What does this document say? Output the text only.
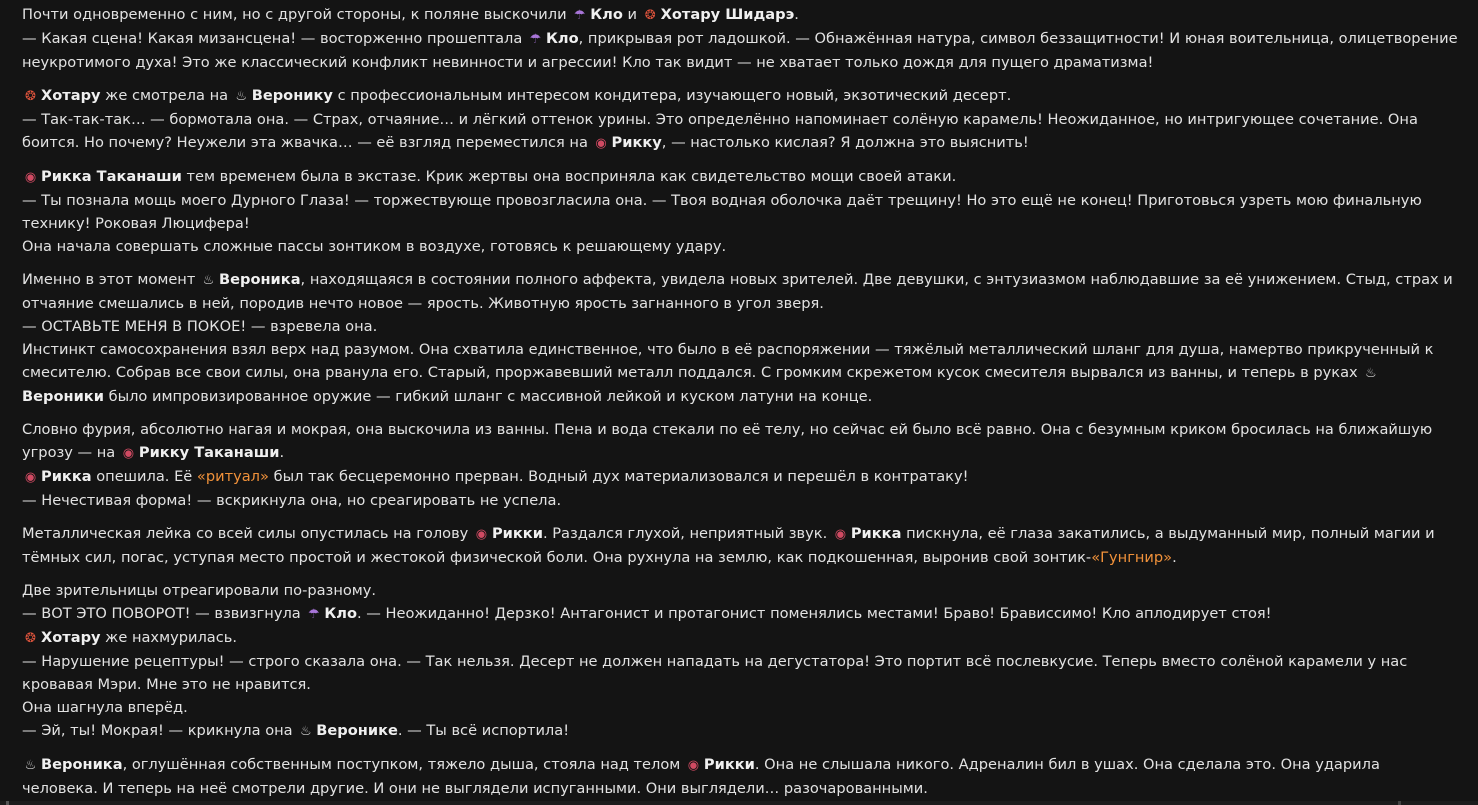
Почти одновременно с ним, но с другой стороны, к поляне выскочили ☂ Кло и ❂ Хотару Шидарэ.
— Какая сцена! Какая мизансцена! — восторженно прошептала ☂ Кло, прикрывая рот ладошкой. — Обнажённая натура, символ беззащитности! И юная воительница, олицетворение неукротимого духа! Это же классический конфликт невинности и агрессии! Кло так видит — не хватает только дождя для пущего драматизма!
❂ Хотару же смотрела на ♨ Веронику с профессиональным интересом кондитера, изучающего новый, экзотический десерт.
— Так-так-так… — бормотала она. — Страх, отчаяние… и лёгкий оттенок урины. Это определённо напоминает солёную карамель! Неожиданное, но интригующее сочетание. Она боится. Но почему? Неужели эта жвачка… — её взгляд переместился на ◉ Рикку, — настолько кислая? Я должна это выяснить!
◉ Рикка Таканаши тем временем была в экстазе. Крик жертвы она восприняла как свидетельство мощи своей атаки.
— Ты познала мощь моего Дурного Глаза! — торжествующе провозгласила она. — Твоя водная оболочка даёт трещину! Но это ещё не конец! Приготовься узреть мою финальную технику! Роковая Люцифера!
Она начала совершать сложные пассы зонтиком в воздухе, готовясь к решающему удару.
Именно в этот момент ♨ Вероника, находящаяся в состоянии полного аффекта, увидела новых зрителей. Две девушки, с энтузиазмом наблюдавшие за её унижением. Стыд, страх и отчаяние смешались в ней, породив нечто новое — ярость. Животную ярость загнанного в угол зверя.
— ОСТАВЬТЕ МЕНЯ В ПОКОЕ! — взревела она.
Инстинкт самосохранения взял верх над разумом. Она схватила единственное, что было в её распоряжении — тяжёлый металлический шланг для душа, намертво прикрученный к смесителю. Собрав все свои силы, она рванула его. Старый, проржавевший металл поддался. С громким скрежетом кусок смесителя вырвался из ванны, и теперь в руках ♨Вероники было импровизированное оружие — гибкий шланг с массивной лейкой и куском латуни на конце.
Словно фурия, абсолютно нагая и мокрая, она выскочила из ванны. Пена и вода стекали по её телу, но сейчас ей было всё равно. Она с безумным криком бросилась на ближайшую угрозу — на ◉ Рикку Таканаши.
◉ Рикка опешила. Её «ритуал» был так бесцеремонно прерван. Водный дух материализовался и перешёл в контратаку!
— Нечестивая форма! — вскрикнула она, но среагировать не успела.
Металлическая лейка со всей силы опустилась на голову ◉ Рикки. Раздался глухой, неприятный звук. ◉ Рикка пискнула, её глаза закатились, а выдуманный мир, полный магии и тёмных сил, погас, уступая место простой и жестокой физической боли. Она рухнула на землю, как подкошенная, выронив свой зонтик-«Гунгнир».
Две зрительницы отреагировали по-разному.
— ВОТ ЭТО ПОВОРОТ! — взвизгнула ☂ Кло. — Неожиданно! Дерзко! Антагонист и протагонист поменялись местами! Браво! Брависсимо! Кло аплодирует стоя!
❂ Хотару же нахмурилась.
— Нарушение рецептуры! — строго сказала она. — Так нельзя. Десерт не должен нападать на дегустатора! Это портит всё послевкусие. Теперь вместо солёной карамели у нас кровавая Мэри. Мне это не нравится.
Она шагнула вперёд.
— Эй, ты! Мокрая! — крикнула она ♨ Веронике. — Ты всё испортила!
♨ Вероника, оглушённая собственным поступком, тяжело дыша, стояла над телом ◉ Рикки. Она не слышала никого. Адреналин бил в ушах. Она сделала это. Она ударила человека. И теперь на неё смотрели другие. И они не выглядели испуганными. Они выглядели… разочарованными.
